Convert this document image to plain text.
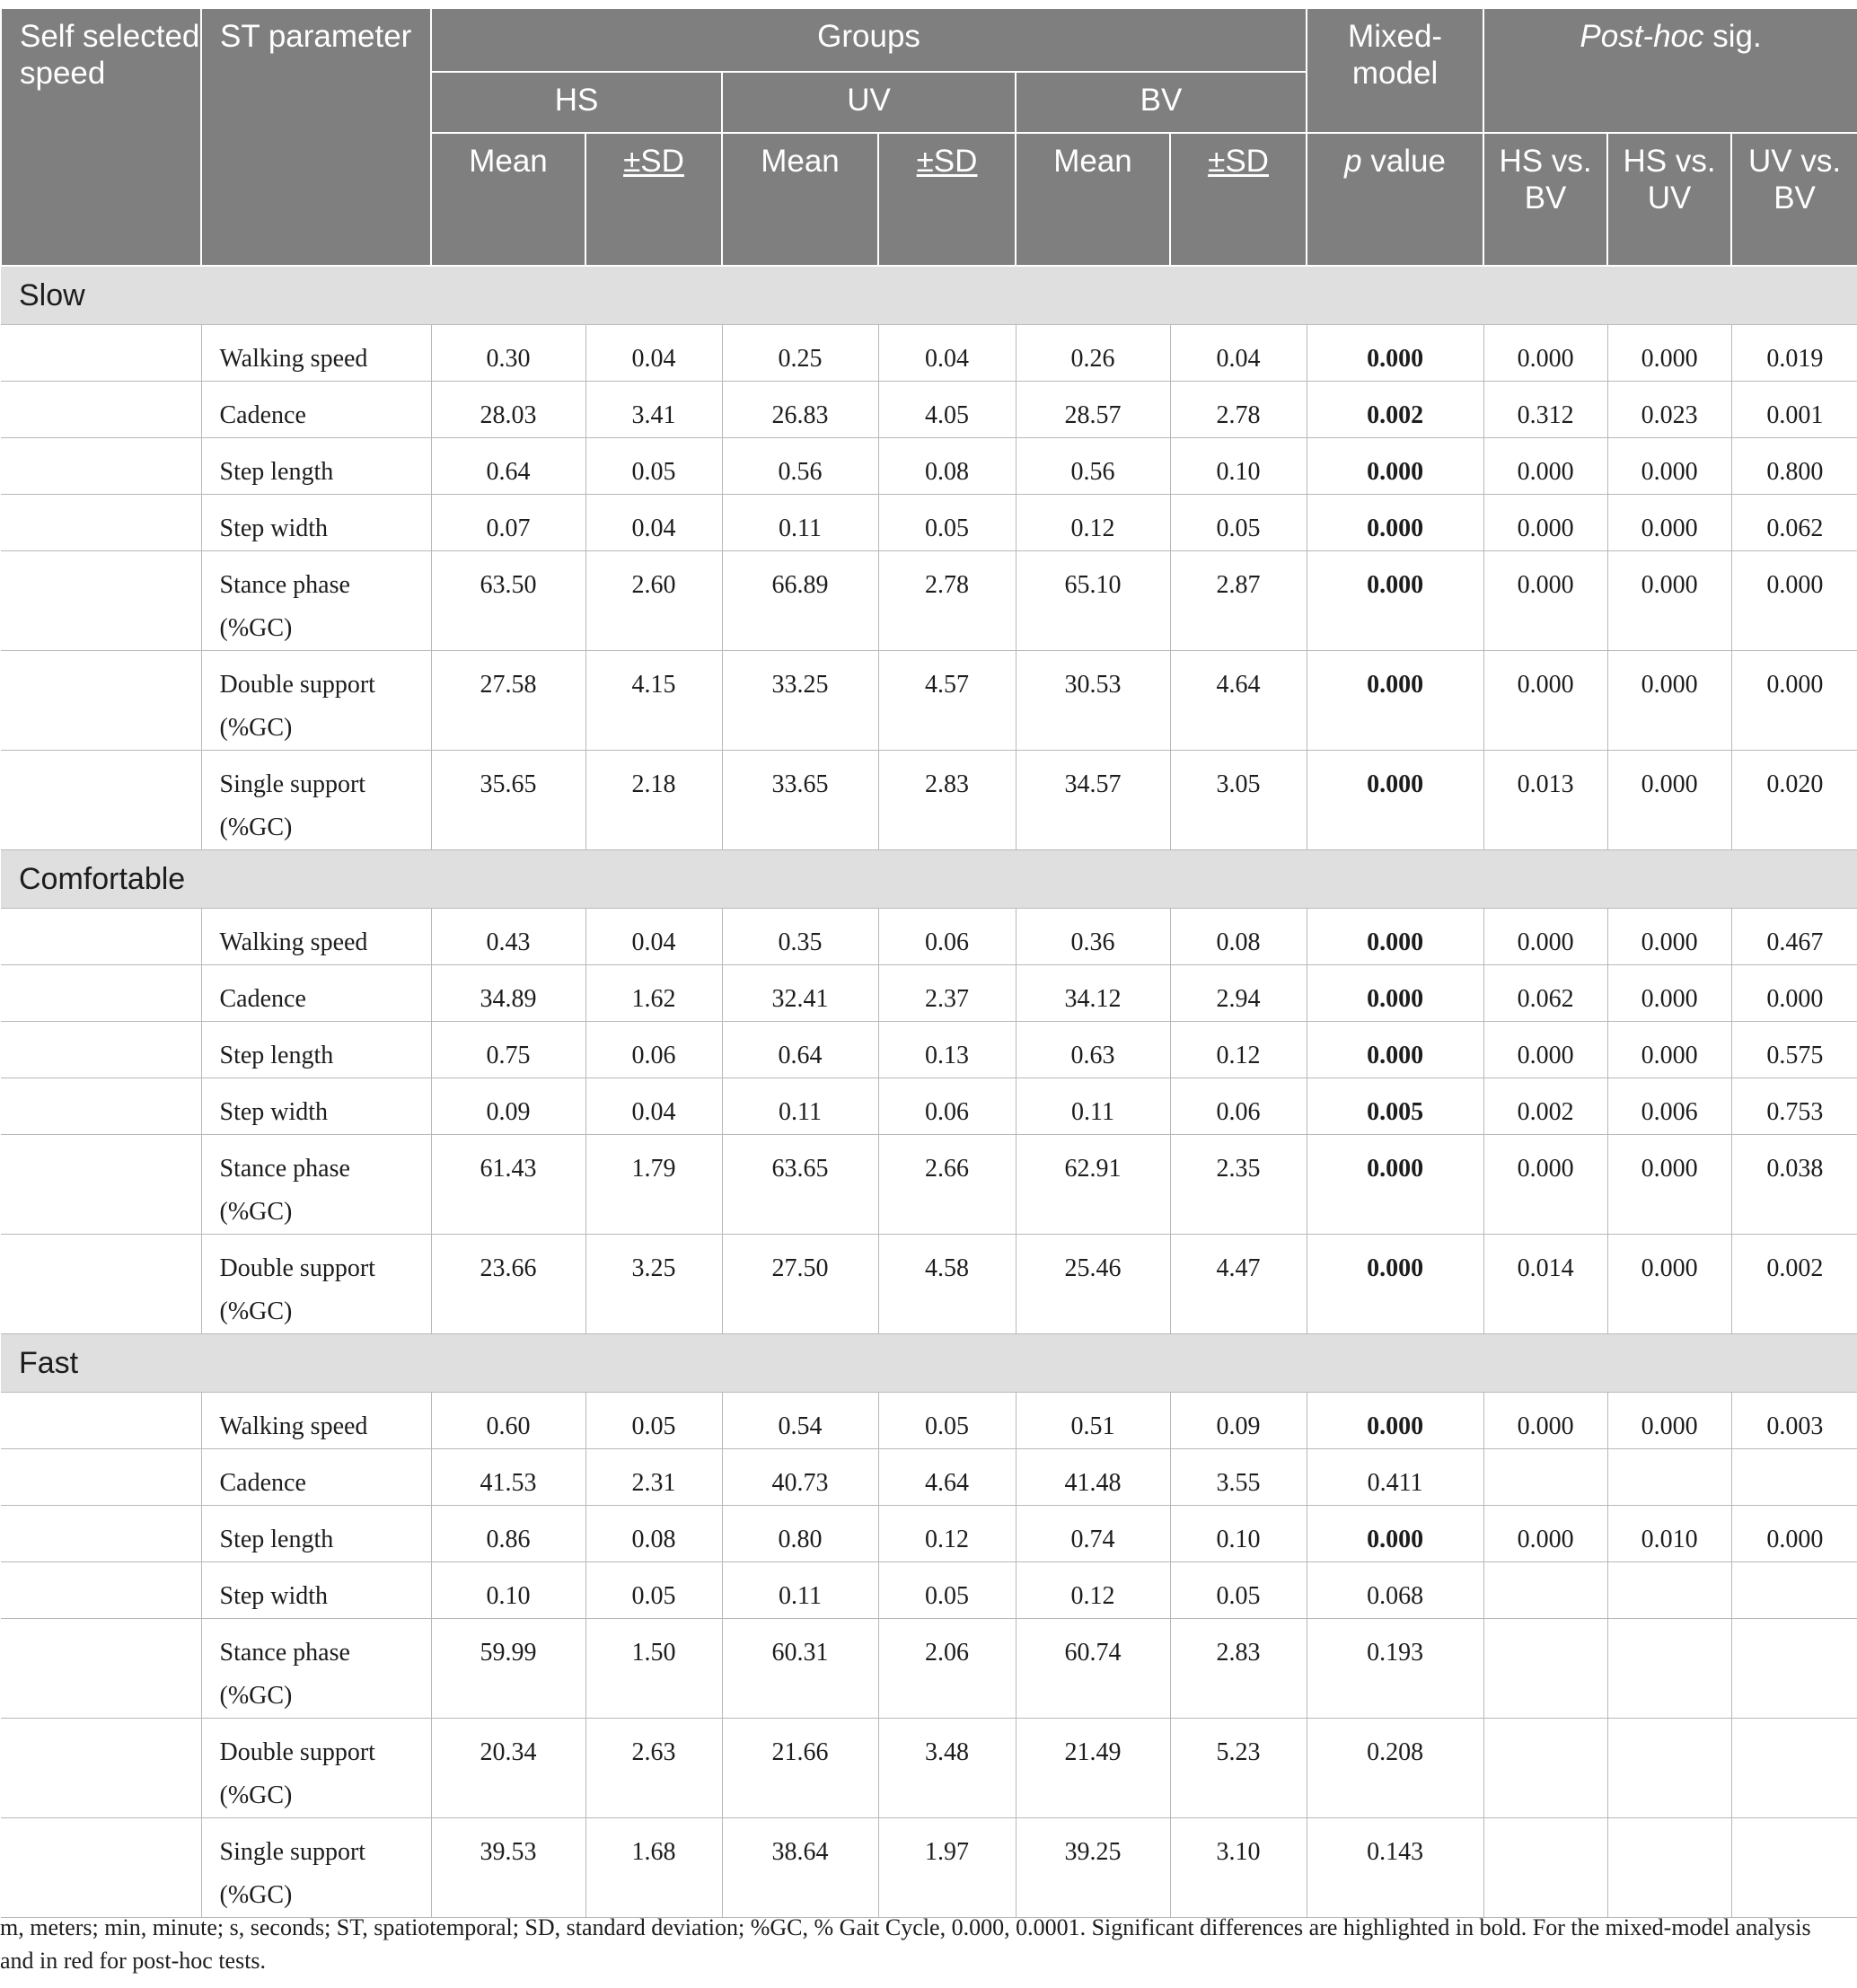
Self selected speed	ST parameter	Groups						Mixed-model	Post-hoc sig.		
		HS		UV		BV					
		Mean	±SD	Mean	±SD	Mean	±SD	p value	HS vs. BV	HS vs. UV	UV vs. BV
Slow											

	Walking speed	0.30	0.04	0.25	0.04	0.26	0.04	0.000	0.000	0.000	0.019

	Cadence	28.03	3.41	26.83	4.05	28.57	2.78	0.002	0.312	0.023	0.001

	Step length	0.64	0.05	0.56	0.08	0.56	0.10	0.000	0.000	0.000	0.800

	Step width	0.07	0.04	0.11	0.05	0.12	0.05	0.000	0.000	0.000	0.062

	Stance phase
(%GC)	63.50	2.60	66.89	2.78	65.10	2.87	0.000	0.000	0.000	0.000

	Double support
(%GC)	27.58	4.15	33.25	4.57	30.53	4.64	0.000	0.000	0.000	0.000

	Single support
(%GC)	35.65	2.18	33.65	2.83	34.57	3.05	0.000	0.013	0.000	0.020
Comfortable											

	Walking speed	0.43	0.04	0.35	0.06	0.36	0.08	0.000	0.000	0.000	0.467

	Cadence	34.89	1.62	32.41	2.37	34.12	2.94	0.000	0.062	0.000	0.000

	Step length	0.75	0.06	0.64	0.13	0.63	0.12	0.000	0.000	0.000	0.575

	Step width	0.09	0.04	0.11	0.06	0.11	0.06	0.005	0.002	0.006	0.753

	Stance phase
(%GC)	61.43	1.79	63.65	2.66	62.91	2.35	0.000	0.000	0.000	0.038

	Double support
(%GC)	23.66	3.25	27.50	4.58	25.46	4.47	0.000	0.014	0.000	0.002
Fast											

	Walking speed	0.60	0.05	0.54	0.05	0.51	0.09	0.000	0.000	0.000	0.003

	Cadence	41.53	2.31	40.73	4.64	41.48	3.55	0.411			

	Step length	0.86	0.08	0.80	0.12	0.74	0.10	0.000	0.000	0.010	0.000

	Step width	0.10	0.05	0.11	0.05	0.12	0.05	0.068			

	Stance phase
(%GC)	59.99	1.50	60.31	2.06	60.74	2.83	0.193			

	Double support
(%GC)	20.34	2.63	21.66	3.48	21.49	5.23	0.208			

	Single support
(%GC)	39.53	1.68	38.64	1.97	39.25	3.10	0.143			
m, meters; min, minute; s, seconds; ST, spatiotemporal; SD, standard deviation; %GC, % Gait Cycle, 0.000, 0.0001. Significant differences are highlighted in bold. For the mixed-model analysis
and in red for post-hoc tests.
